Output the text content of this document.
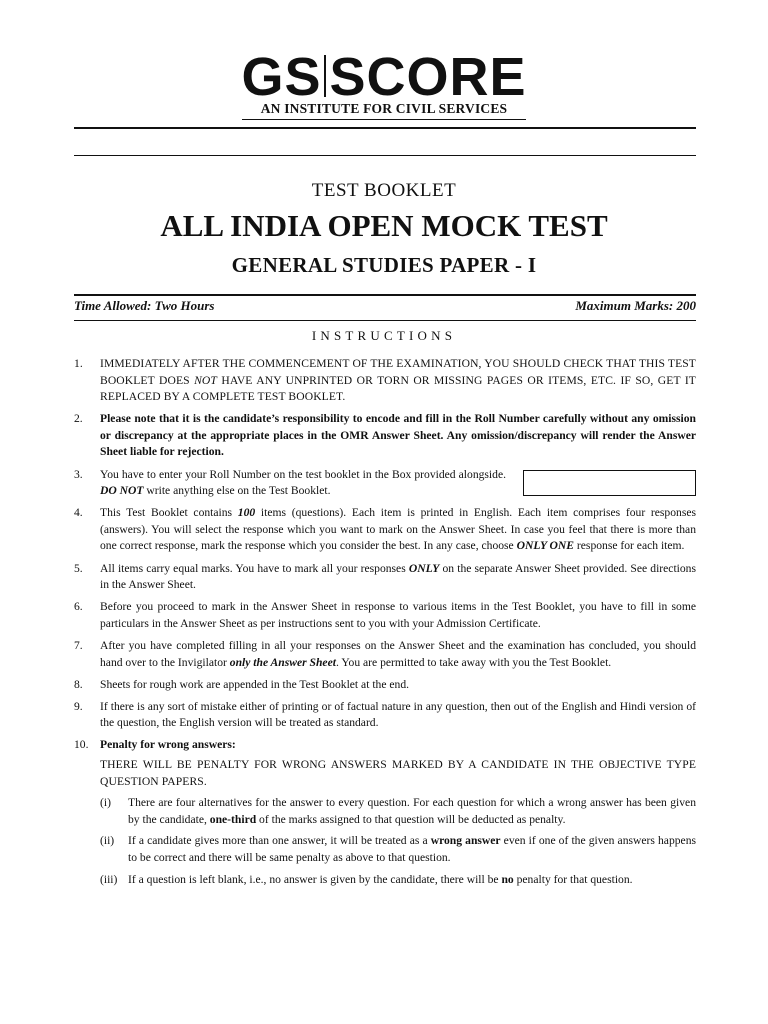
GS SCORE
AN INSTITUTE FOR CIVIL SERVICES
TEST BOOKLET
ALL INDIA OPEN MOCK TEST
GENERAL STUDIES PAPER - I
Time Allowed: Two Hours	Maximum Marks: 200
INSTRUCTIONS
1. IMMEDIATELY AFTER THE COMMENCEMENT OF THE EXAMINATION, YOU SHOULD CHECK THAT THIS TEST BOOKLET DOES NOT HAVE ANY UNPRINTED OR TORN OR MISSING PAGES OR ITEMS, ETC. IF SO, GET IT REPLACED BY A COMPLETE TEST BOOKLET.
2. Please note that it is the candidate’s responsibility to encode and fill in the Roll Number carefully without any omission or discrepancy at the appropriate places in the OMR Answer Sheet. Any omission/discrepancy will render the Answer Sheet liable for rejection.
3. You have to enter your Roll Number on the test booklet in the Box provided alongside. DO NOT write anything else on the Test Booklet.
4. This Test Booklet contains 100 items (questions). Each item is printed in English. Each item comprises four responses (answers). You will select the response which you want to mark on the Answer Sheet. In case you feel that there is more than one correct response, mark the response which you consider the best. In any case, choose ONLY ONE response for each item.
5. All items carry equal marks. You have to mark all your responses ONLY on the separate Answer Sheet provided. See directions in the Answer Sheet.
6. Before you proceed to mark in the Answer Sheet in response to various items in the Test Booklet, you have to fill in some particulars in the Answer Sheet as per instructions sent to you with your Admission Certificate.
7. After you have completed filling in all your responses on the Answer Sheet and the examination has concluded, you should hand over to the Invigilator only the Answer Sheet. You are permitted to take away with you the Test Booklet.
8. Sheets for rough work are appended in the Test Booklet at the end.
9. If there is any sort of mistake either of printing or of factual nature in any question, then out of the English and Hindi version of the question, the English version will be treated as standard.
10. Penalty for wrong answers:
THERE WILL BE PENALTY FOR WRONG ANSWERS MARKED BY A CANDIDATE IN THE OBJECTIVE TYPE QUESTION PAPERS.
(i) There are four alternatives for the answer to every question. For each question for which a wrong answer has been given by the candidate, one-third of the marks assigned to that question will be deducted as penalty.
(ii) If a candidate gives more than one answer, it will be treated as a wrong answer even if one of the given answers happens to be correct and there will be same penalty as above to that question.
(iii) If a question is left blank, i.e., no answer is given by the candidate, there will be no penalty for that question.
